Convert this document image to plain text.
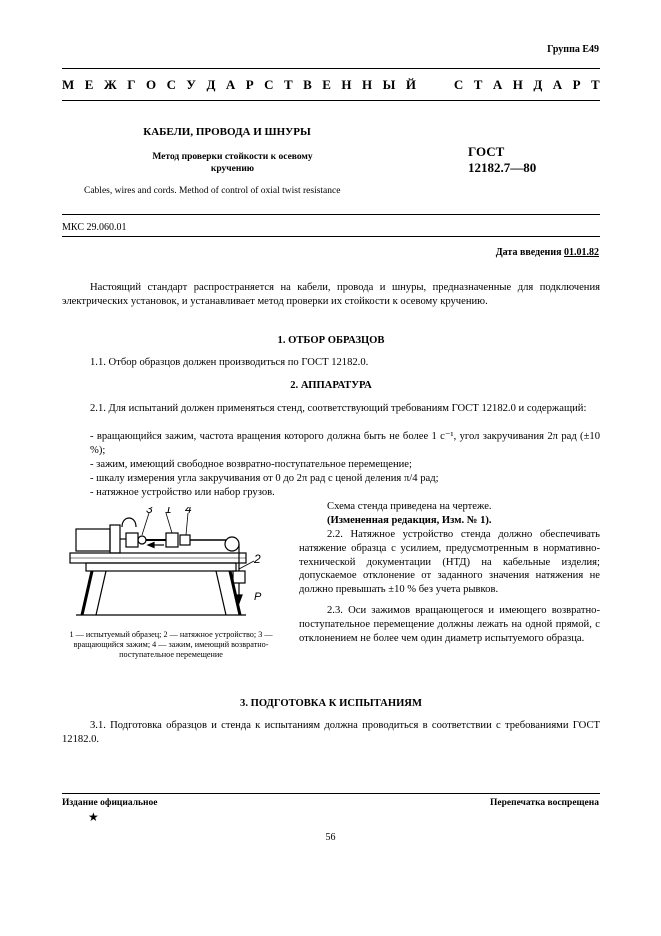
Группа Е49
М Е Ж Г О С У Д А Р С Т В Е Н Н Ы Й

	С Т А Н Д А Р Т
КАБЕЛИ, ПРОВОДА И ШНУРЫ
Метод проверки стойкости к осевому кручению
ГОСТ
12182.7—80
Cables, wires and cords. Method of control of oxial twist resistance
МКС 29.060.01
Дата введения 01.01.82
Настоящий стандарт распространяется на кабели, провода и шнуры, предназначенные для подключения электрических установок, и устанавливает метод проверки их стойкости к осевому кручению.
1. ОТБОР ОБРАЗЦОВ
1.1. Отбор образцов должен производиться по ГОСТ 12182.0.
2. АППАРАТУРА
2.1. Для испытаний должен применяться стенд, соответствующий требованиям ГОСТ 12182.0 и содержащий:
- вращающийся зажим, частота вращения которого должна быть не более 1 с⁻¹, угол закручивания 2π рад (±10 %);
- зажим, имеющий свободное возвратно-поступательное перемещение;
- шкалу измерения угла закручивания от 0 до 2π рад с ценой деления π/4 рад;
- натяжное устройство или набор грузов.
Схема стенда приведена на чертеже.
(Измененная редакция, Изм. № 1).
2.2. Натяжное устройство стенда должно обеспечивать натяжение образца с усилием, предусмотренным в нормативно-технической документации (НТД) на кабельные изделия; допускаемое отклонение от заданного значения натяжения не должно превышать ±10 % без учета рывков.
2.3. Оси зажимов вращающегося и имеющего возвратно-поступательное перемещение должны лежать на одной прямой, с отклонением не более чем один диаметр испытуемого образца.
3 1 4
2
P
1 — испытуемый образец; 2 — натяжное устройство; 3 — вращающийся зажим; 4 — зажим, имеющий возвратно-поступательное перемещение
3. ПОДГОТОВКА К ИСПЫТАНИЯМ
3.1. Подготовка образцов и стенда к испытаниям должна проводиться в соответствии с требованиями ГОСТ 12182.0.
Издание официальное
★
Перепечатка воспрещена
56
